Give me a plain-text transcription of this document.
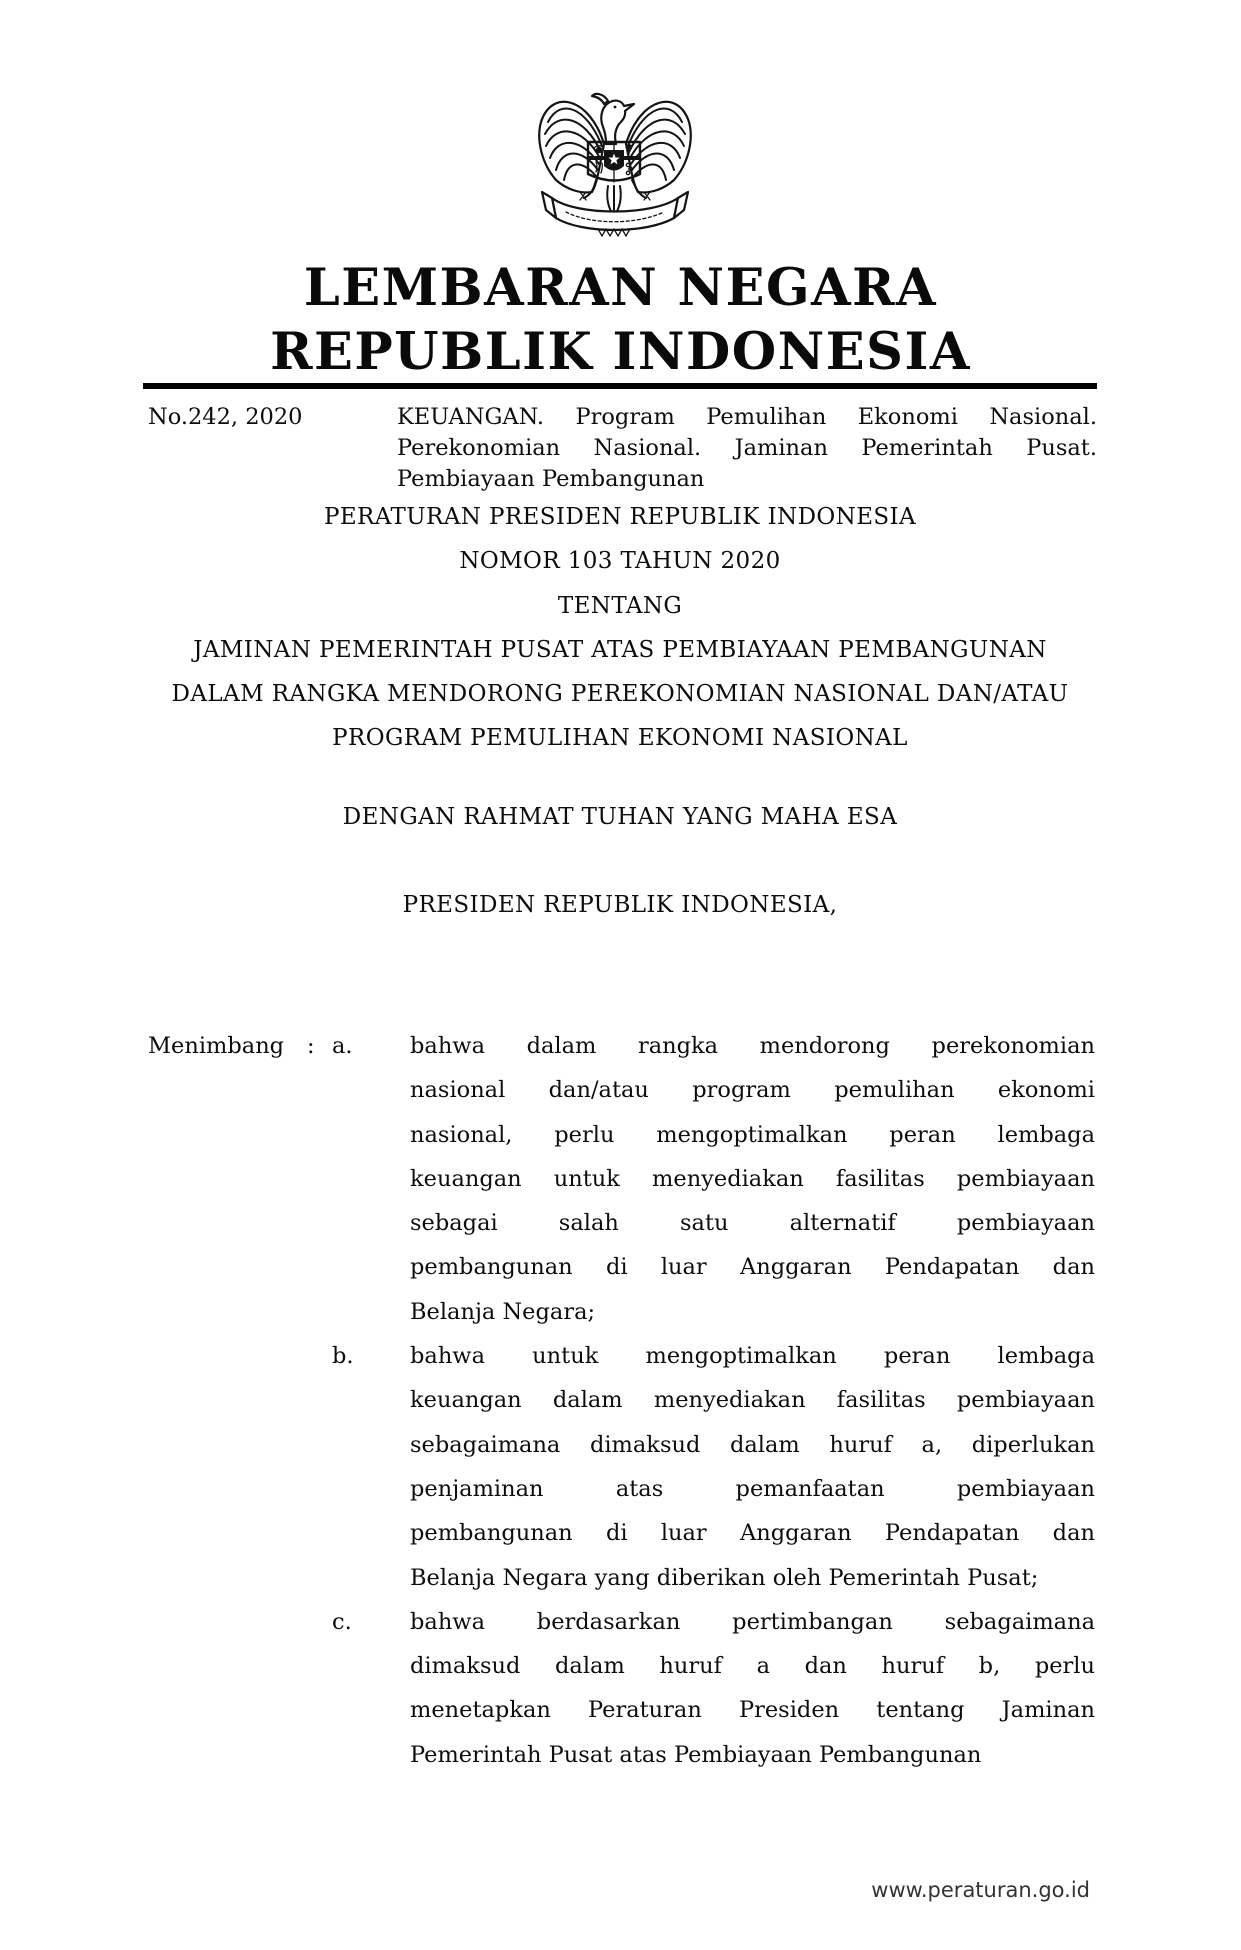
LEMBARAN NEGARA
REPUBLIK INDONESIA
No.242, 2020	KEUANGAN. Program Pemulihan Ekonomi Nasional.
Perekonomian Nasional. Jaminan Pemerintah Pusat.
Pembiayaan Pembangunan
PERATURAN PRESIDEN REPUBLIK INDONESIA
NOMOR 103 TAHUN 2020
TENTANG
JAMINAN PEMERINTAH PUSAT ATAS PEMBIAYAAN PEMBANGUNAN
DALAM RANGKA MENDORONG PEREKONOMIAN NASIONAL DAN/ATAU
PROGRAM PEMULIHAN EKONOMI NASIONAL
DENGAN RAHMAT TUHAN YANG MAHA ESA
PRESIDEN REPUBLIK INDONESIA,
Menimbang	: a.	bahwa dalam rangka mendorong perekonomian
nasional dan/atau program pemulihan ekonomi
nasional, perlu mengoptimalkan peran lembaga
keuangan untuk menyediakan fasilitas pembiayaan
sebagai salah satu alternatif pembiayaan
pembangunan di luar Anggaran Pendapatan dan
Belanja Negara;
b.	bahwa untuk mengoptimalkan peran lembaga
keuangan dalam menyediakan fasilitas pembiayaan
sebagaimana dimaksud dalam huruf a, diperlukan
penjaminan atas pemanfaatan pembiayaan
pembangunan di luar Anggaran Pendapatan dan
Belanja Negara yang diberikan oleh Pemerintah Pusat;
c.	bahwa berdasarkan pertimbangan sebagaimana
dimaksud dalam huruf a dan huruf b, perlu
menetapkan Peraturan Presiden tentang Jaminan
Pemerintah Pusat atas Pembiayaan Pembangunan
www.peraturan.go.id
